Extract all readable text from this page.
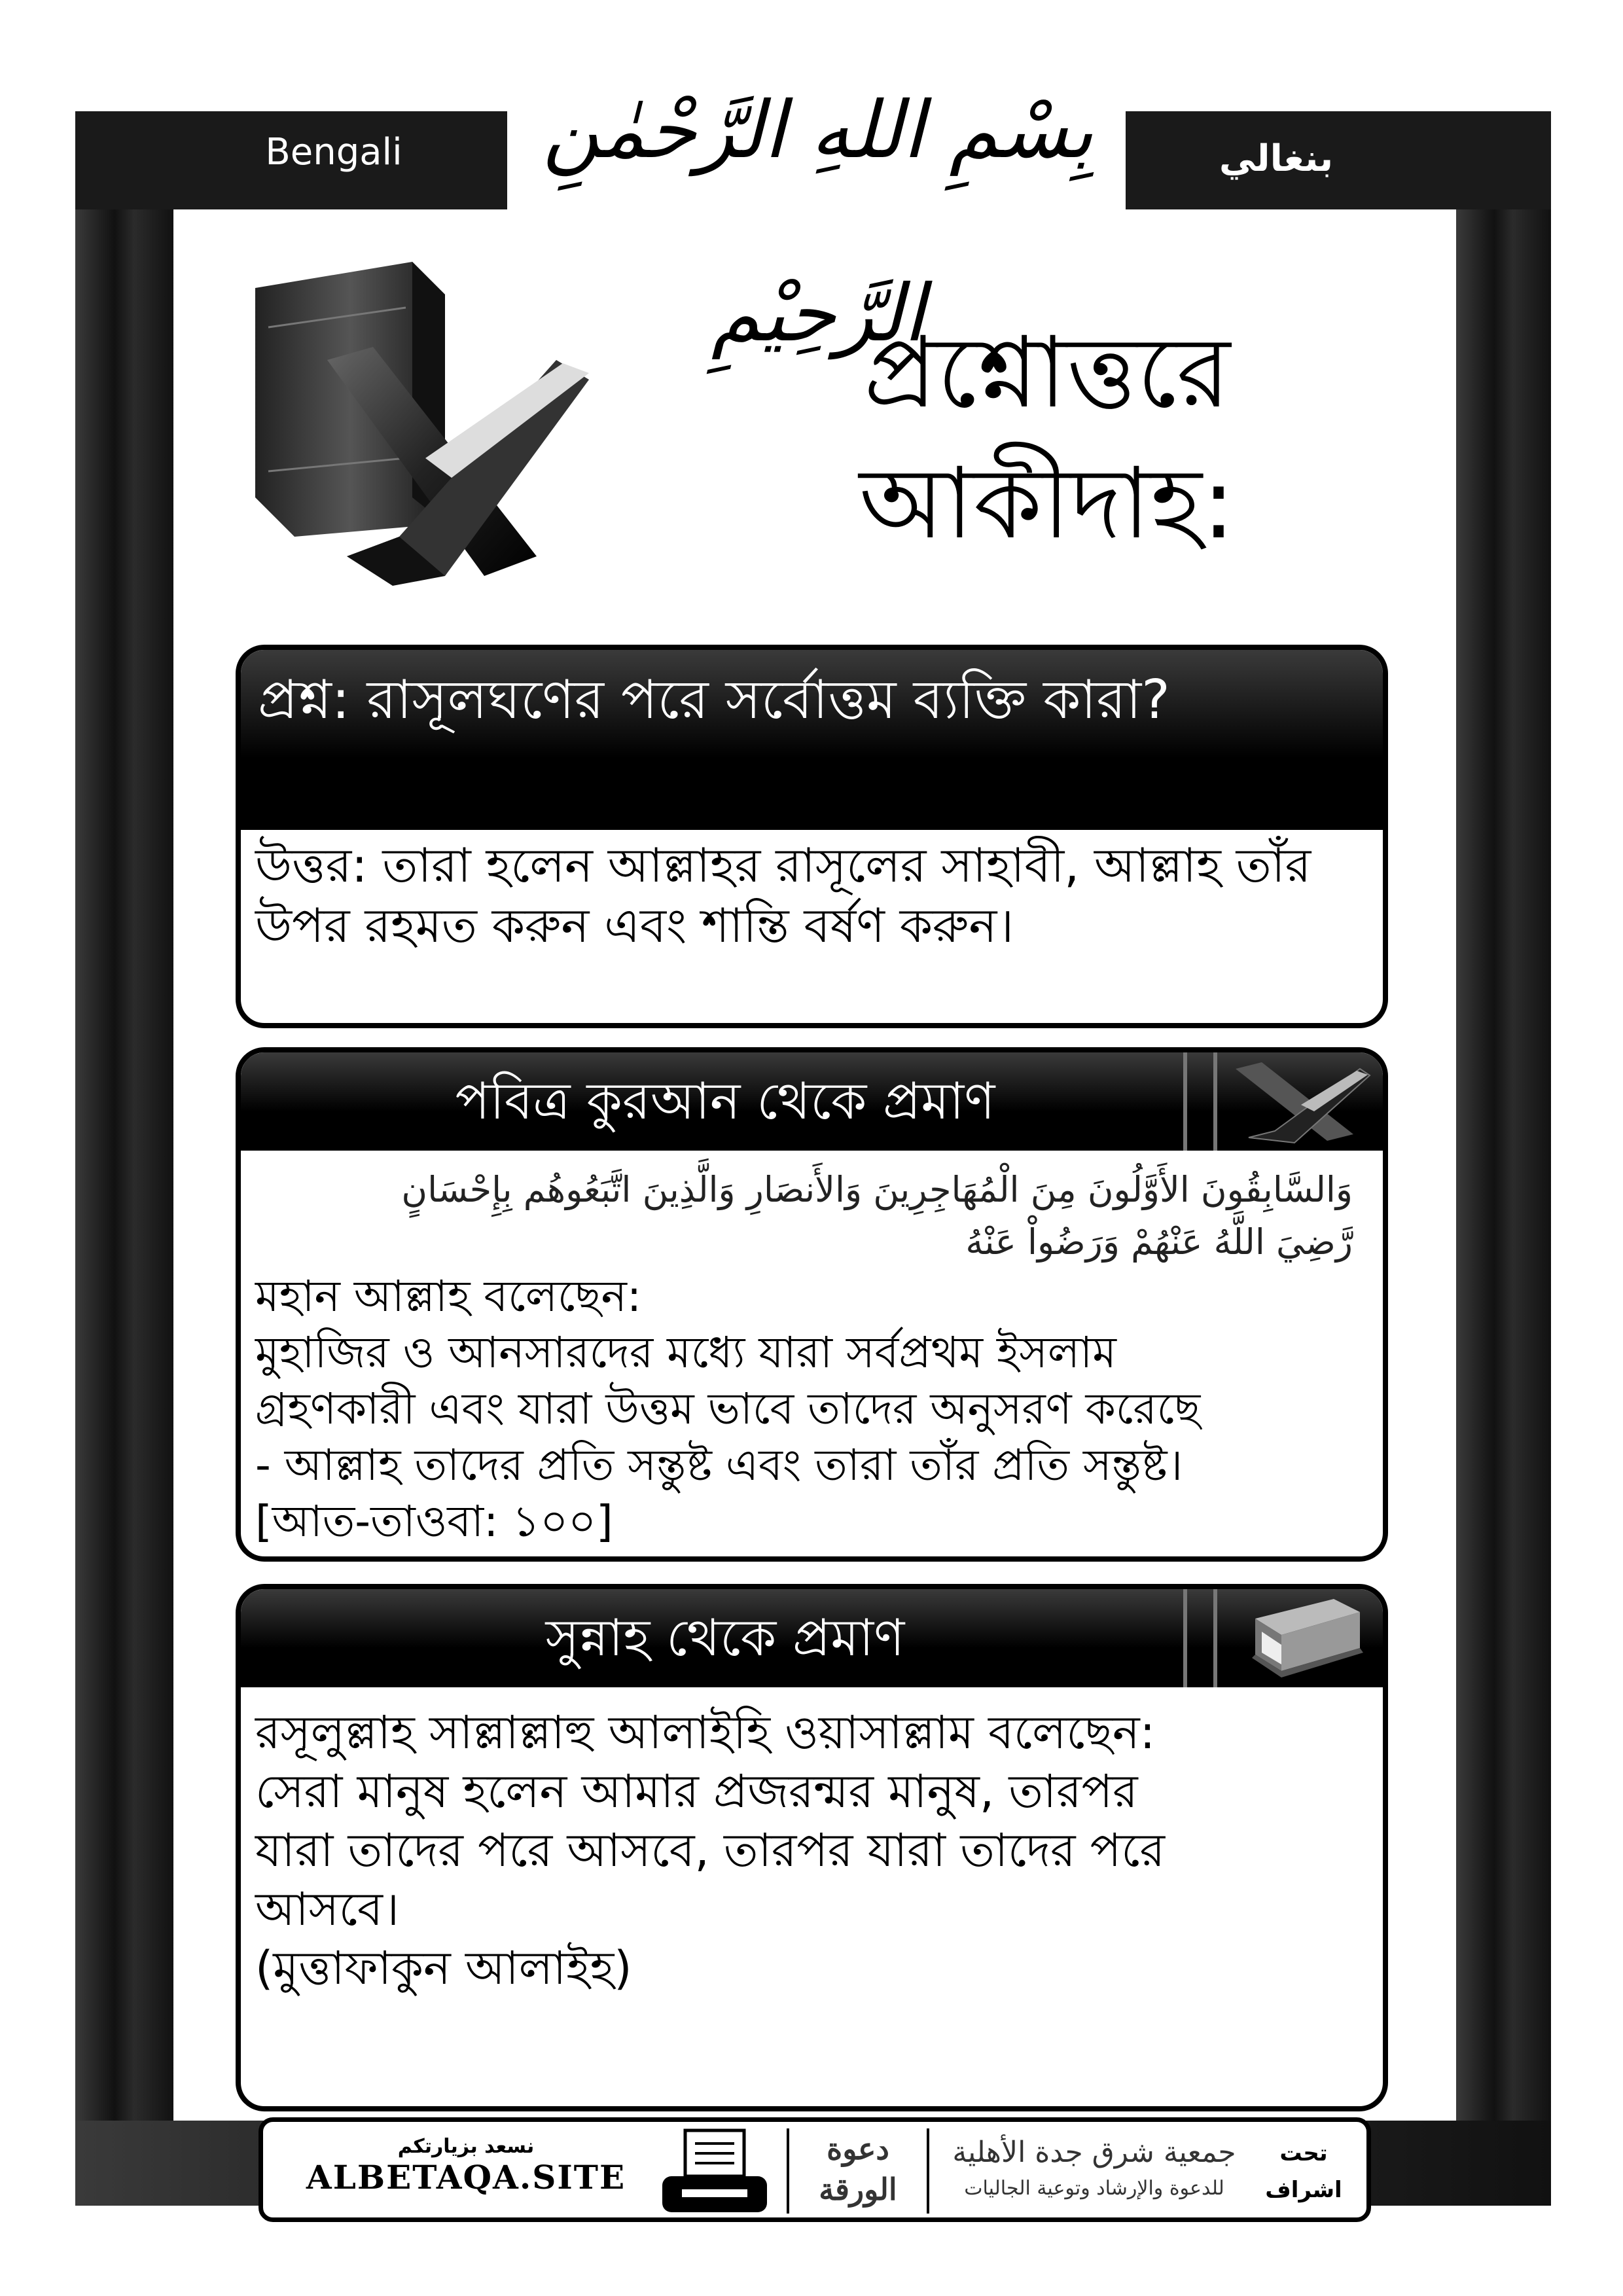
Bengali	بنغالي
بِسْمِ اللهِ الرَّحْمٰنِ الرَّحِيْمِ
প্রশ্নোত্তরে
আকীদাহ:
প্রশ্ন: রাসূলঘণের পরে সর্বোত্তম ব্যক্তি কারা?
উত্তর: তারা হলেন আল্লাহর রাসূলের সাহাবী, আল্লাহ তাঁর উপর রহমত করুন এবং শান্তি বর্ষণ করুন।
পবিত্র কুরআন থেকে প্রমাণ
وَالسَّابِقُونَ الأَوَّلُونَ مِنَ الْمُهَاجِرِينَ وَالأَنصَارِ وَالَّذِينَ اتَّبَعُوهُم بِإِحْسَانٍ
رَّضِيَ اللَّهُ عَنْهُمْ وَرَضُواْ عَنْهُ
মহান আল্লাহ বলেছেন:
মুহাজির ও আনসারদের মধ্যে যারা সর্বপ্রথম ইসলাম
গ্রহণকারী এবং যারা উত্তম ভাবে তাদের অনুসরণ করেছে
- আল্লাহ তাদের প্রতি সন্তুষ্ট এবং তারা তাঁর প্রতি সন্তুষ্ট।
[আত-তাওবা: ১০০]
সুন্নাহ থেকে প্রমাণ
রসূলুল্লাহ সাল্লাল্লাহু আলাইহি ওয়াসাল্লাম বলেছেন:
সেরা মানুষ হলেন আমার প্রজরন্মর মানুষ, তারপর
যারা তাদের পরে আসবে, তারপর যারা তাদের পরে
আসবে।
(মুত্তাফাকুন আলাইহ)
نسعد بزيارتكم
ALBETAQA.SITE
دعوة الورقة
جمعية شرق جدة الأهلية
للدعوة والإرشاد وتوعية الجاليات
تحت
اشراف
